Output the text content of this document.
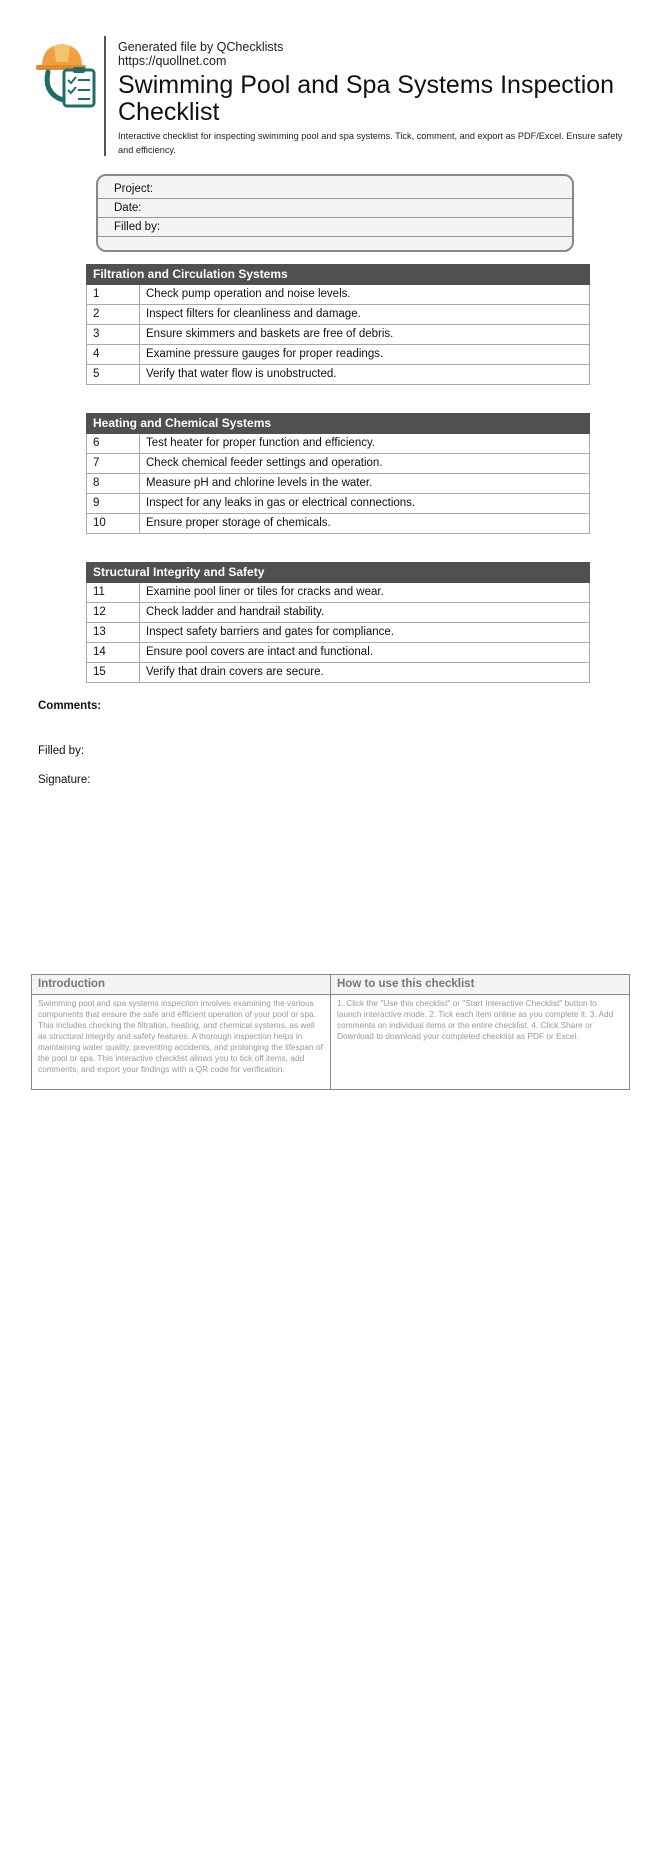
Generated file by QChecklists
https://quollnet.com
Swimming Pool and Spa Systems Inspection Checklist
Interactive checklist for inspecting swimming pool and spa systems. Tick, comment, and export as PDF/Excel. Ensure safety and efficiency.
Project:
Date:
Filled by:
Filtration and Circulation Systems
1	Check pump operation and noise levels.
2	Inspect filters for cleanliness and damage.
3	Ensure skimmers and baskets are free of debris.
4	Examine pressure gauges for proper readings.
5	Verify that water flow is unobstructed.
Heating and Chemical Systems
6	Test heater for proper function and efficiency.
7	Check chemical feeder settings and operation.
8	Measure pH and chlorine levels in the water.
9	Inspect for any leaks in gas or electrical connections.
10	Ensure proper storage of chemicals.
Structural Integrity and Safety
11	Examine pool liner or tiles for cracks and wear.
12	Check ladder and handrail stability.
13	Inspect safety barriers and gates for compliance.
14	Ensure pool covers are intact and functional.
15	Verify that drain covers are secure.
Comments:
Filled by:
Signature:
Introduction
Swimming pool and spa systems inspection involves examining the various components that ensure the safe and efficient operation of your pool or spa. This includes checking the filtration, heating, and chemical systems, as well as structural integrity and safety features. A thorough inspection helps in maintaining water quality, preventing accidents, and prolonging the lifespan of the pool or spa. This interactive checklist allows you to tick off items, add comments, and export your findings with a QR code for verification.
How to use this checklist
1. Click the "Use this checklist" or "Start Interactive Checklist" button to launch interactive mode. 2. Tick each item online as you complete it. 3. Add comments on individual items or the entire checklist. 4. Click Share or Download to download your completed checklist as PDF or Excel.
